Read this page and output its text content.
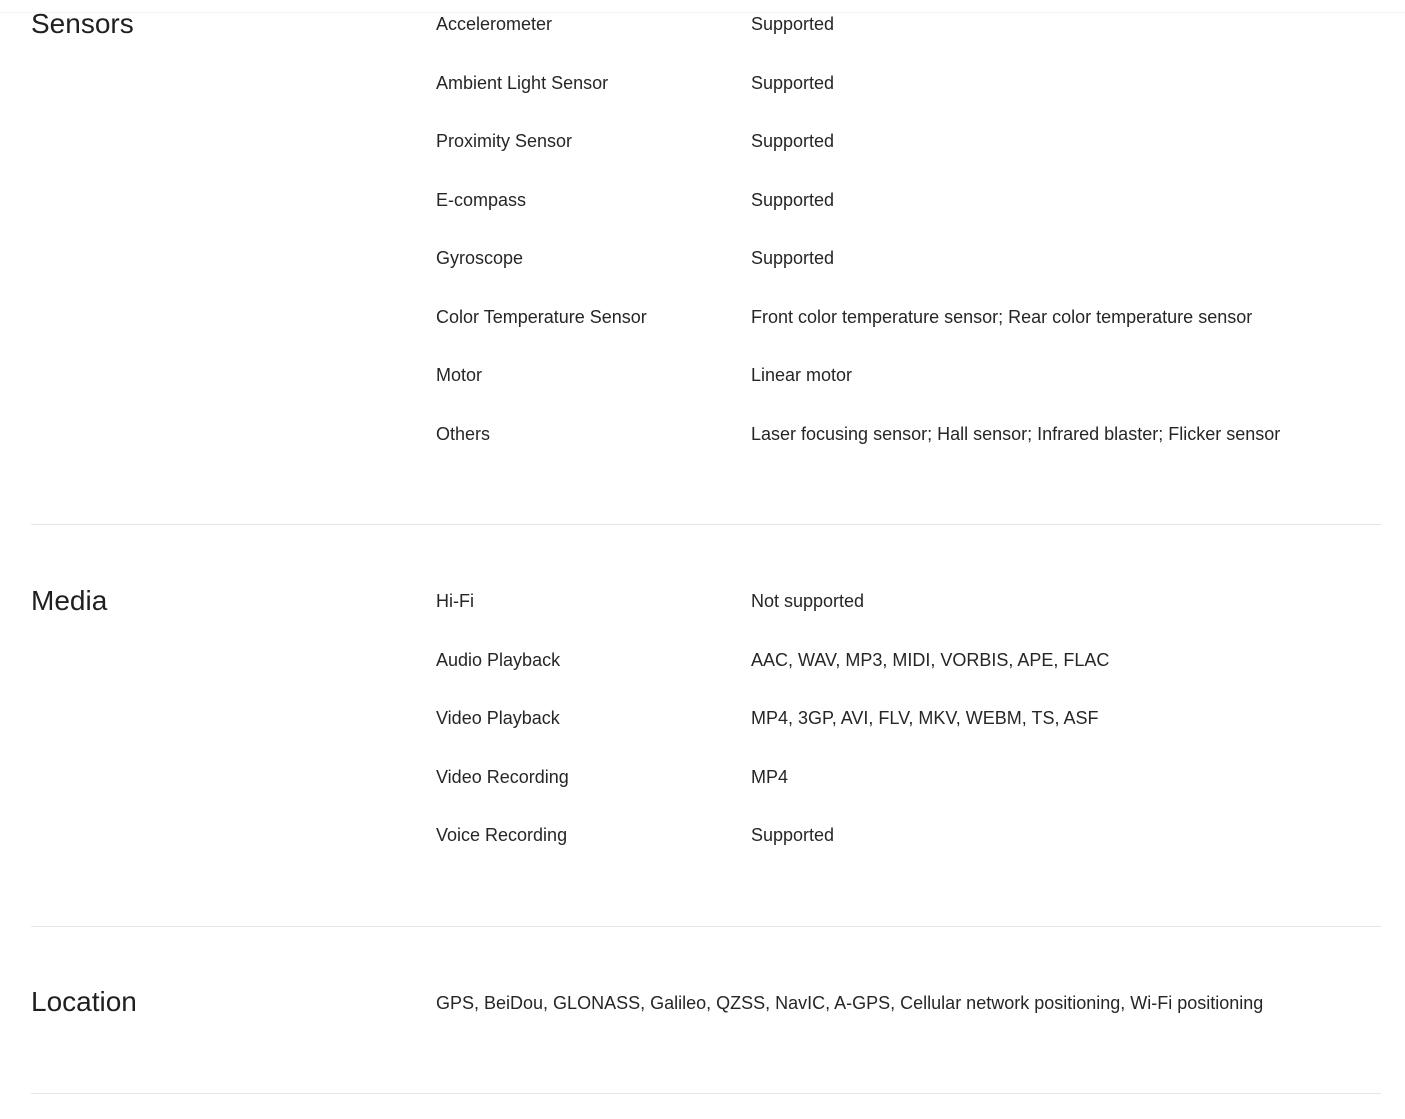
Sensors	Accelerometer	Supported
Ambient Light Sensor	Supported
Proximity Sensor	Supported
E-compass	Supported
Gyroscope	Supported
Color Temperature Sensor	Front color temperature sensor; Rear color temperature sensor
Motor	Linear motor
Others	Laser focusing sensor; Hall sensor; Infrared blaster; Flicker sensor
Media	Hi-Fi	Not supported
Audio Playback	AAC, WAV, MP3, MIDI, VORBIS, APE, FLAC
Video Playback	MP4, 3GP, AVI, FLV, MKV, WEBM, TS, ASF
Video Recording	MP4
Voice Recording	Supported
Location	GPS, BeiDou, GLONASS, Galileo, QZSS, NavIC, A-GPS, Cellular network positioning, Wi-Fi positioning
